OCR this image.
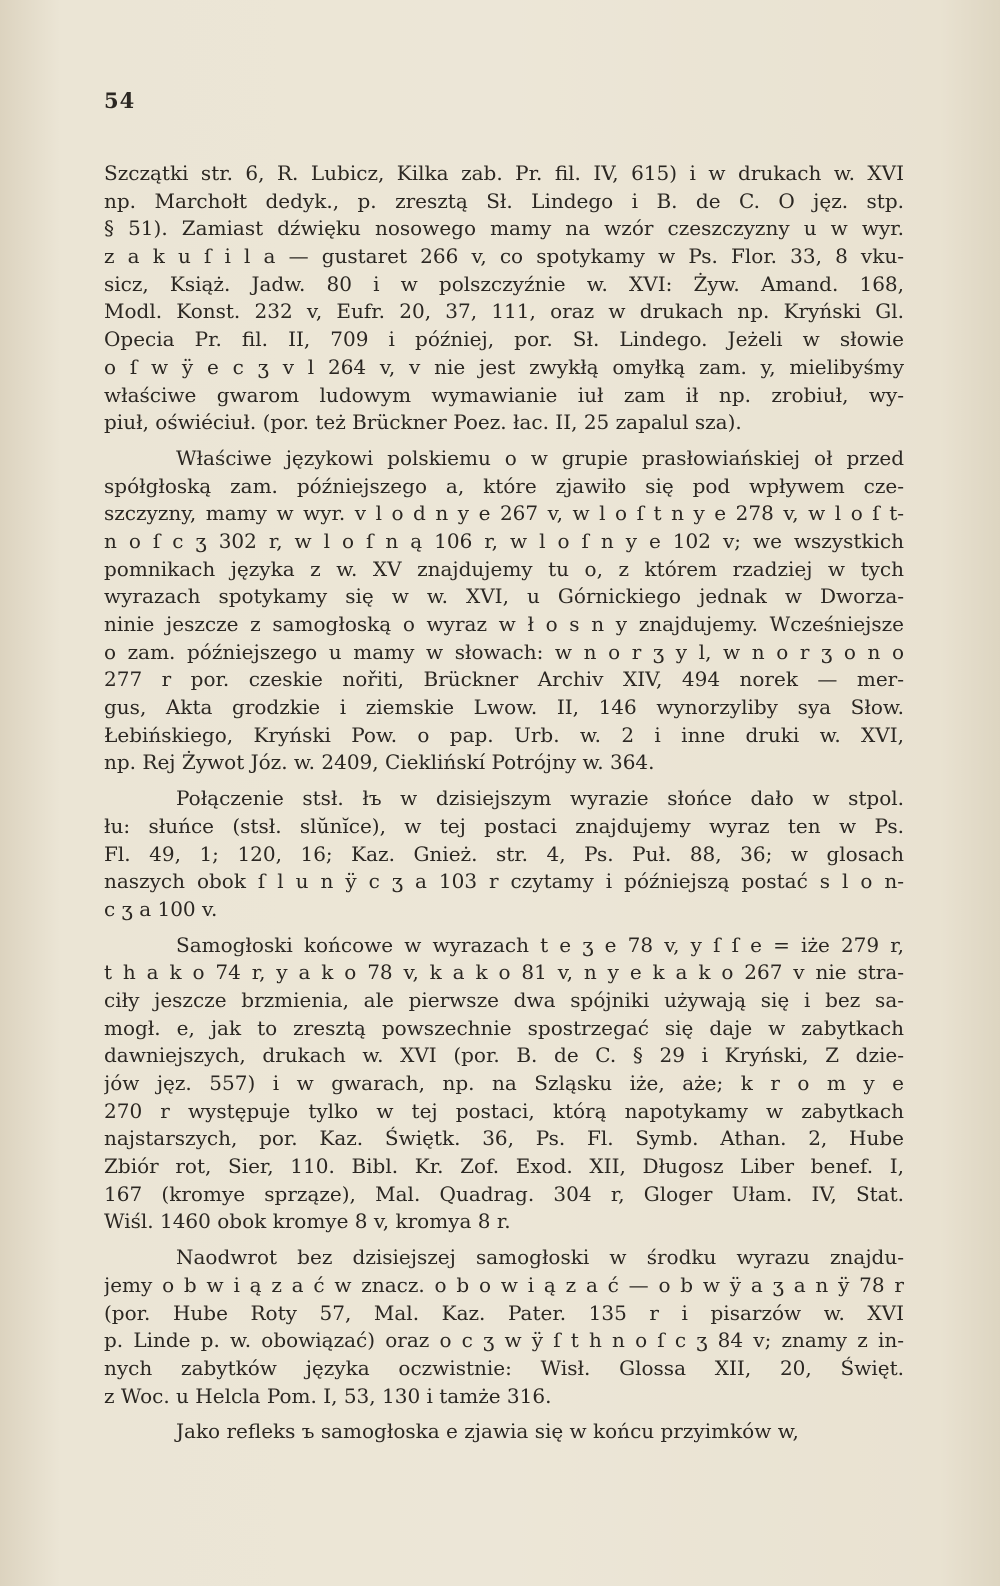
54
Szczątki str. 6, R. Lubicz, Kilka zab. Pr. fil. IV, 615) i w drukach w. XVI
np. Marchołt dedyk., p. zresztą Sł. Lindego i B. de C. O jęz. stp.
§ 51). Zamiast dźwięku nosowego mamy na wzór czeszczyzny u w wyr.
z a k u ſ i l a — gustaret 266 v, co spotykamy w Ps. Flor. 33, 8 vku-
sicz, Książ. Jadw. 80 i w polszczyźnie w. XVI: Żyw. Amand. 168,
Modl. Konst. 232 v, Eufr. 20, 37, 111, oraz w drukach np. Kryński Gl.
Opecia Pr. fil. II, 709 i później, por. Sł. Lindego. Jeżeli w słowie
o ſ w ÿ e c ʒ v l 264 v, v nie jest zwykłą omyłką zam. y, mielibyśmy
właściwe gwarom ludowym wymawianie iuł zam ił np. zrobiuł, wy-
piuł, oświéciuł. (por. też Brückner Poez. łac. II, 25 zapalul sza).
Właściwe językowi polskiemu o w grupie prasłowiańskiej oł przed
spółgłoską zam. późniejszego a, które zjawiło się pod wpływem cze-
szczyzny, mamy w wyr. v l o d n y e 267 v, w l o ſ t n y e 278 v, w l o ſ t-
n o ſ c ʒ 302 r, w l o ſ n ą 106 r, w l o ſ n y e 102 v; we wszystkich
pomnikach języka z w. XV znajdujemy tu o, z którem rzadziej w tych
wyrazach spotykamy się w w. XVI, u Górnickiego jednak w Dworza-
ninie jeszcze z samogłoską o wyraz w ł o s n y znajdujemy. Wcześniejsze
o zam. późniejszego u mamy w słowach: w n o r ʒ y l, w n o r ʒ o n o
277 r por. czeskie nořiti, Brückner Archiv XIV, 494 norek — mer-
gus, Akta grodzkie i ziemskie Lwow. II, 146 wynorzyliby sya Słow.
Łebińskiego, Kryński Pow. o pap. Urb. w. 2 i inne druki w. XVI,
np. Rej Żywot Józ. w. 2409, Cieklińskí Potrójny w. 364.
Połączenie stsł. łъ w dzisiejszym wyrazie słońce dało w stpol.
łu: słuńce (stsł. slŭnĭce), w tej postaci znajdujemy wyraz ten w Ps.
Fl. 49, 1; 120, 16; Kaz. Gnież. str. 4, Ps. Puł. 88, 36; w glosach
naszych obok ſ l u n ÿ c ʒ a 103 r czytamy i późniejszą postać s l o n-
c ʒ a 100 v.
Samogłoski końcowe w wyrazach t e ʒ e 78 v, y ſ ſ e = iże 279 r,
t h a k o 74 r, y a k o 78 v, k a k o 81 v, n y e k a k o 267 v nie stra-
ciły jeszcze brzmienia, ale pierwsze dwa spójniki używają się i bez sa-
mogł. e, jak to zresztą powszechnie spostrzegać się daje w zabytkach
dawniejszych, drukach w. XVI (por. B. de C. § 29 i Kryński, Z dzie-
jów jęz. 557) i w gwarach, np. na Szląsku iże, aże; k r o m y e
270 r występuje tylko w tej postaci, którą napotykamy w zabytkach
najstarszych, por. Kaz. Świętk. 36, Ps. Fl. Symb. Athan. 2, Hube
Zbiór rot, Sier, 110. Bibl. Kr. Zof. Exod. XII, Długosz Liber benef. I,
167 (kromye sprząze), Mal. Quadrag. 304 r, Gloger Ułam. IV, Stat.
Wiśl. 1460 obok kromye 8 v, kromya 8 r.
Naodwrot bez dzisiejszej samogłoski w środku wyrazu znajdu-
jemy o b w i ą z a ć w znacz. o b o w i ą z a ć — o b w ÿ a ʒ a n ÿ 78 r
(por. Hube Roty 57, Mal. Kaz. Pater. 135 r i pisarzów w. XVI
p. Linde p. w. obowiązać) oraz o c ʒ w ÿ ſ t h n o ſ c ʒ 84 v; znamy z in-
nych zabytków języka oczwistnie: Wisł. Glossa XII, 20, Święt.
z Woc. u Helcla Pom. I, 53, 130 i tamże 316.
Jako refleks ъ samogłoska e zjawia się w końcu przyimków w,
